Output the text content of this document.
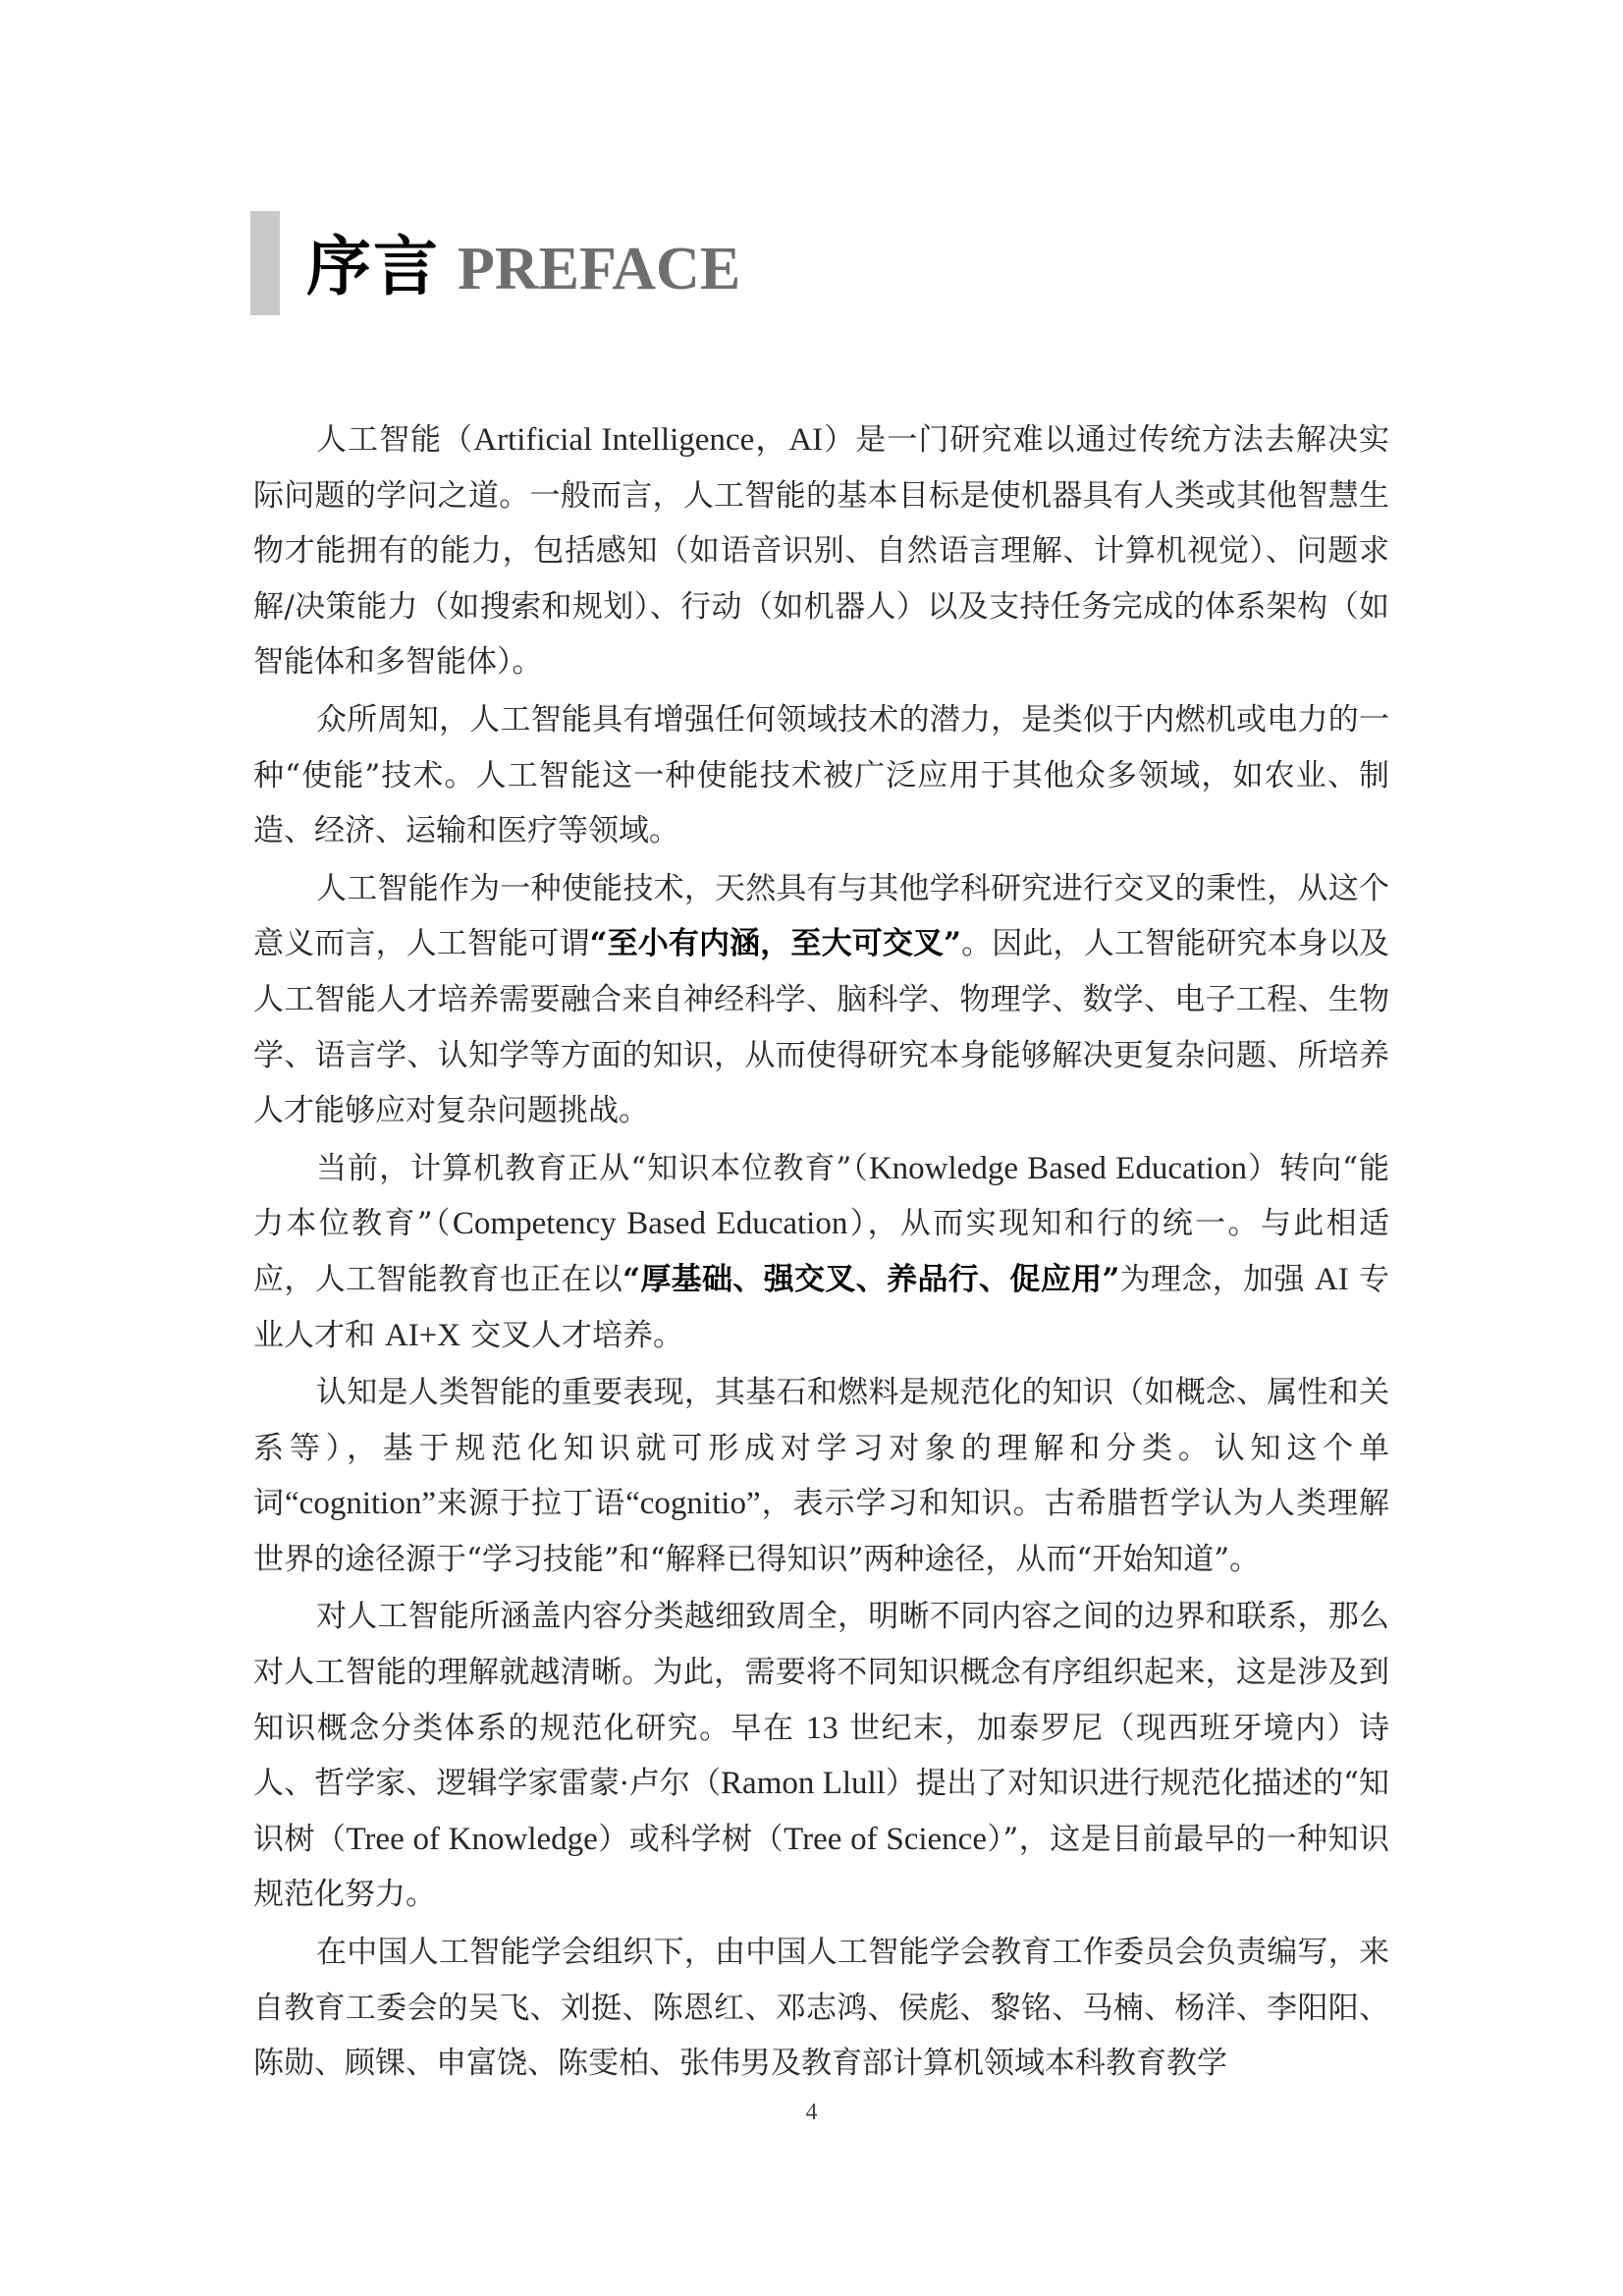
序言 PREFACE

人工智能（Artificial Intelligence，AI）是一门研究难以通过传统方法去解决实际问题的学问之道。一般而言，人工智能的基本目标是使机器具有人类或其他智慧生物才能拥有的能力，包括感知（如语音识别、自然语言理解、计算机视觉）、问题求解/决策能力（如搜索和规划）、行动（如机器人）以及支持任务完成的体系架构（如智能体和多智能体）。

众所周知，人工智能具有增强任何领域技术的潜力，是类似于内燃机或电力的一种“使能”技术。人工智能这一种使能技术被广泛应用于其他众多领域，如农业、制造、经济、运输和医疗等领域。

人工智能作为一种使能技术，天然具有与其他学科研究进行交叉的秉性，从这个意义而言，人工智能可谓“至小有内涵，至大可交叉”。因此，人工智能研究本身以及人工智能人才培养需要融合来自神经科学、脑科学、物理学、数学、电子工程、生物学、语言学、认知学等方面的知识，从而使得研究本身能够解决更复杂问题、所培养人才能够应对复杂问题挑战。

当前，计算机教育正从“知识本位教育”（Knowledge Based Education）转向“能力本位教育”（Competency Based Education），从而实现知和行的统一。与此相适应，人工智能教育也正在以“厚基础、强交叉、养品行、促应用”为理念，加强 AI 专业人才和 AI+X 交叉人才培养。

认知是人类智能的重要表现，其基石和燃料是规范化的知识（如概念、属性和关系等），基于规范化知识就可形成对学习对象的理解和分类。认知这个单词“cognition”来源于拉丁语“cognitio”，表示学习和知识。古希腊哲学认为人类理解世界的途径源于“学习技能”和“解释已得知识”两种途径，从而“开始知道”。

对人工智能所涵盖内容分类越细致周全，明晰不同内容之间的边界和联系，那么对人工智能的理解就越清晰。为此，需要将不同知识概念有序组织起来，这是涉及到知识概念分类体系的规范化研究。早在 13 世纪末，加泰罗尼（现西班牙境内）诗人、哲学家、逻辑学家雷蒙·卢尔（Ramon Llull）提出了对知识进行规范化描述的“知识树（Tree of Knowledge）或科学树（Tree of Science）”，这是目前最早的一种知识规范化努力。

在中国人工智能学会组织下，由中国人工智能学会教育工作委员会负责编写，来自教育工委会的吴飞、刘挺、陈恩红、邓志鸿、侯彪、黎铭、马楠、杨洋、李阳阳、陈勋、顾锞、申富饶、陈雯柏、张伟男及教育部计算机领域本科教育教学

4
